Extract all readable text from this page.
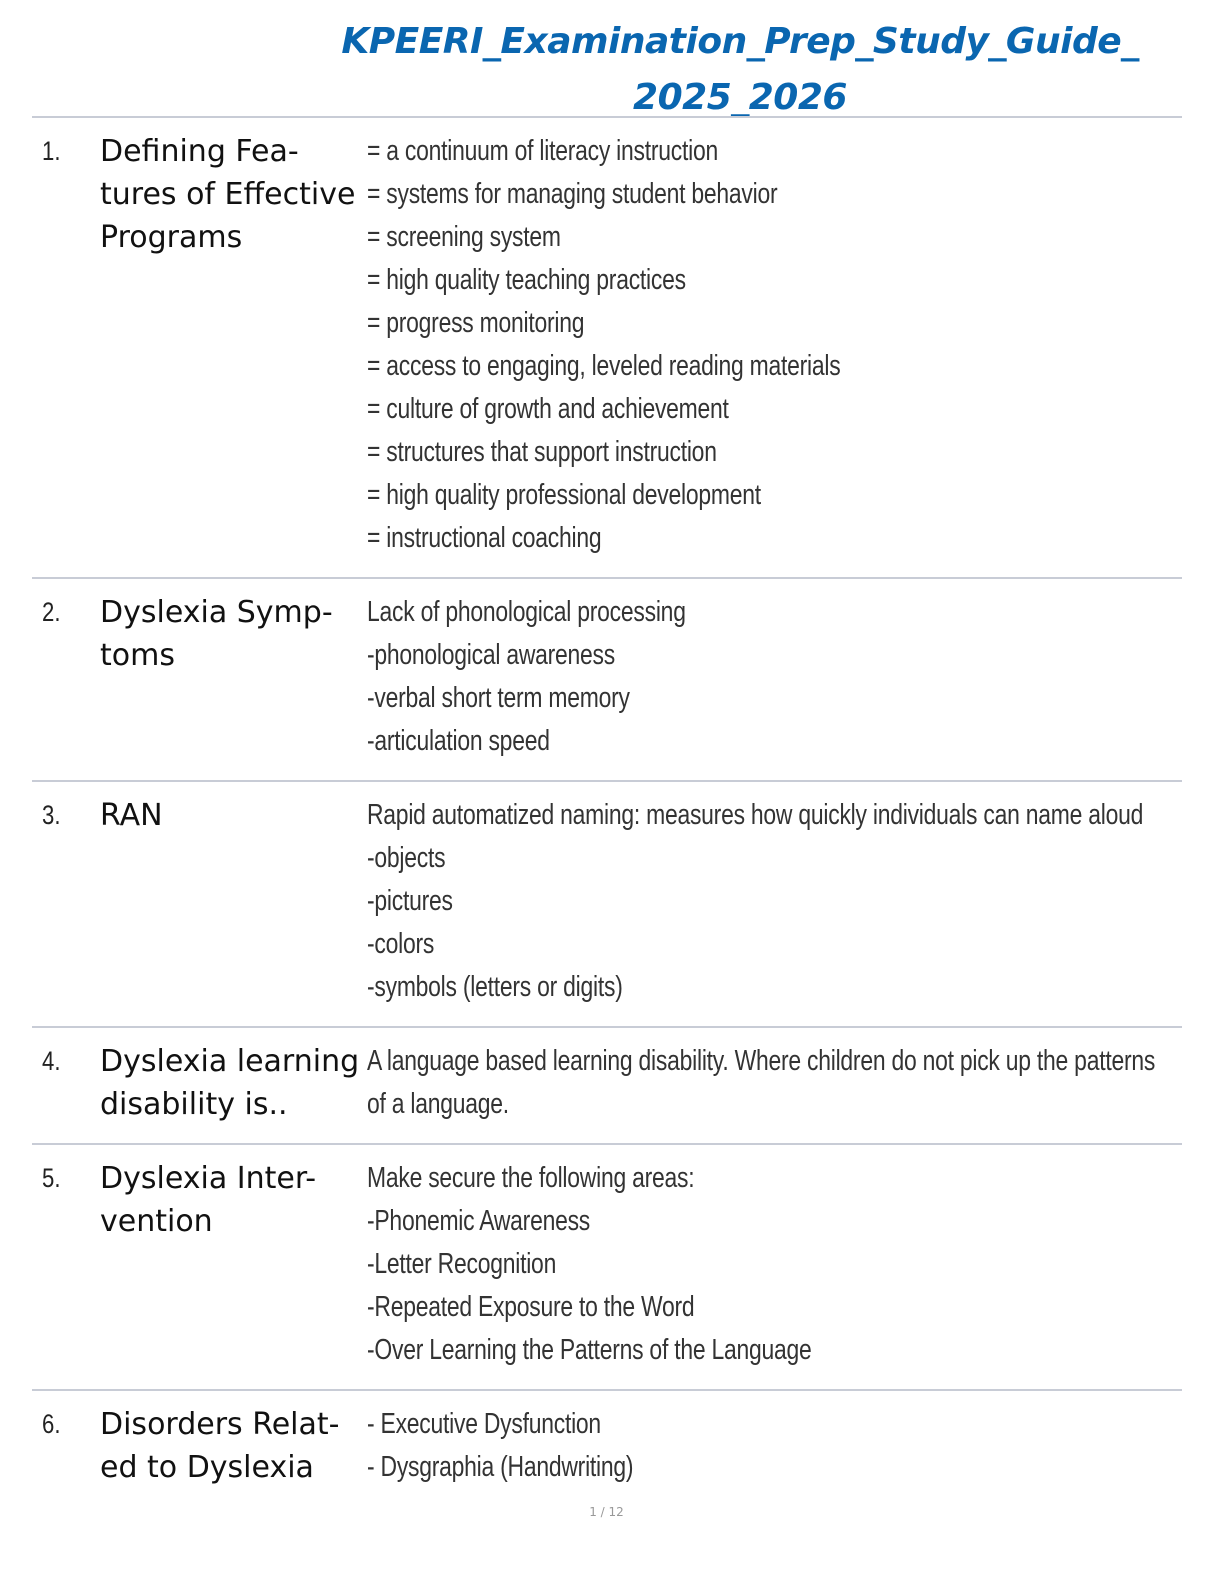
KPEERI_Examination_Prep_Study_Guide_
2025_2026
1. Defining Fea-
tures of Effective
Programs
= a continuum of literacy instruction
= systems for managing student behavior
= screening system
= high quality teaching practices
= progress monitoring
= access to engaging, leveled reading materials
= culture of growth and achievement
= structures that support instruction
= high quality professional development
= instructional coaching
2. Dyslexia Symp-
toms
Lack of phonological processing
-phonological awareness
-verbal short term memory
-articulation speed
3. RAN	Rapid automatized naming: measures how quickly individuals can name aloud
-objects
-pictures
-colors
-symbols (letters or digits)
4. Dyslexia learning
disability is..
A language based learning disability. Where children do not pick up the patterns
of a language.
5. Dyslexia Inter-
vention
Make secure the following areas:
-Phonemic Awareness
-Letter Recognition
-Repeated Exposure to the Word
-Over Learning the Patterns of the Language
6. Disorders Relat-
ed to Dyslexia
- Executive Dysfunction
- Dysgraphia (Handwriting)
1 / 12
